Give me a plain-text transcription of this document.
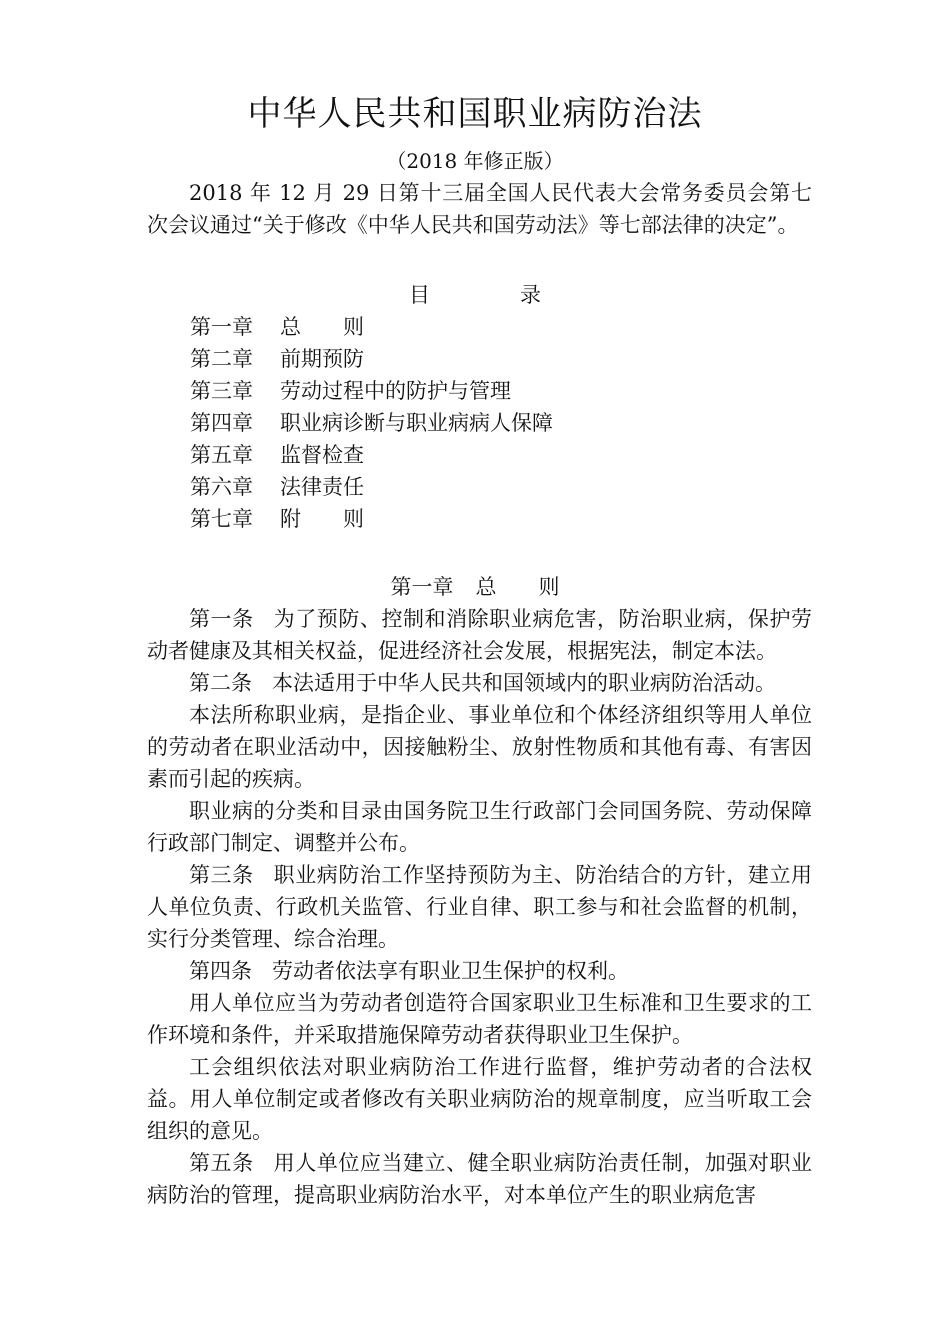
中华人民共和国职业病防治法
（2018 年修正版）

2018 年 12 月 29 日第十三届全国人民代表大会常务委员会第七次会议通过“关于修改《中华人民共和国劳动法》等七部法律的决定”。

目	录
第一章 总　　则
第二章 前期预防
第三章 劳动过程中的防护与管理
第四章 职业病诊断与职业病病人保障
第五章 监督检查
第六章 法律责任
第七章 附　　则
第一章 总　　则

第一条 为了预防、控制和消除职业病危害，防治职业病，保护劳动者健康及其相关权益，促进经济社会发展，根据宪法，制定本法。

第二条 本法适用于中华人民共和国领域内的职业病防治活动。

本法所称职业病，是指企业、事业单位和个体经济组织等用人单位的劳动者在职业活动中，因接触粉尘、放射性物质和其他有毒、有害因素而引起的疾病。

职业病的分类和目录由国务院卫生行政部门会同国务院、劳动保障行政部门制定、调整并公布。

第三条 职业病防治工作坚持预防为主、防治结合的方针，建立用人单位负责、行政机关监管、行业自律、职工参与和社会监督的机制，实行分类管理、综合治理。

第四条 劳动者依法享有职业卫生保护的权利。

用人单位应当为劳动者创造符合国家职业卫生标准和卫生要求的工作环境和条件，并采取措施保障劳动者获得职业卫生保护。

工会组织依法对职业病防治工作进行监督，维护劳动者的合法权益。用人单位制定或者修改有关职业病防治的规章制度，应当听取工会组织的意见。

第五条 用人单位应当建立、健全职业病防治责任制，加强对职业病防治的管理，提高职业病防治水平，对本单位产生的职业病危害
